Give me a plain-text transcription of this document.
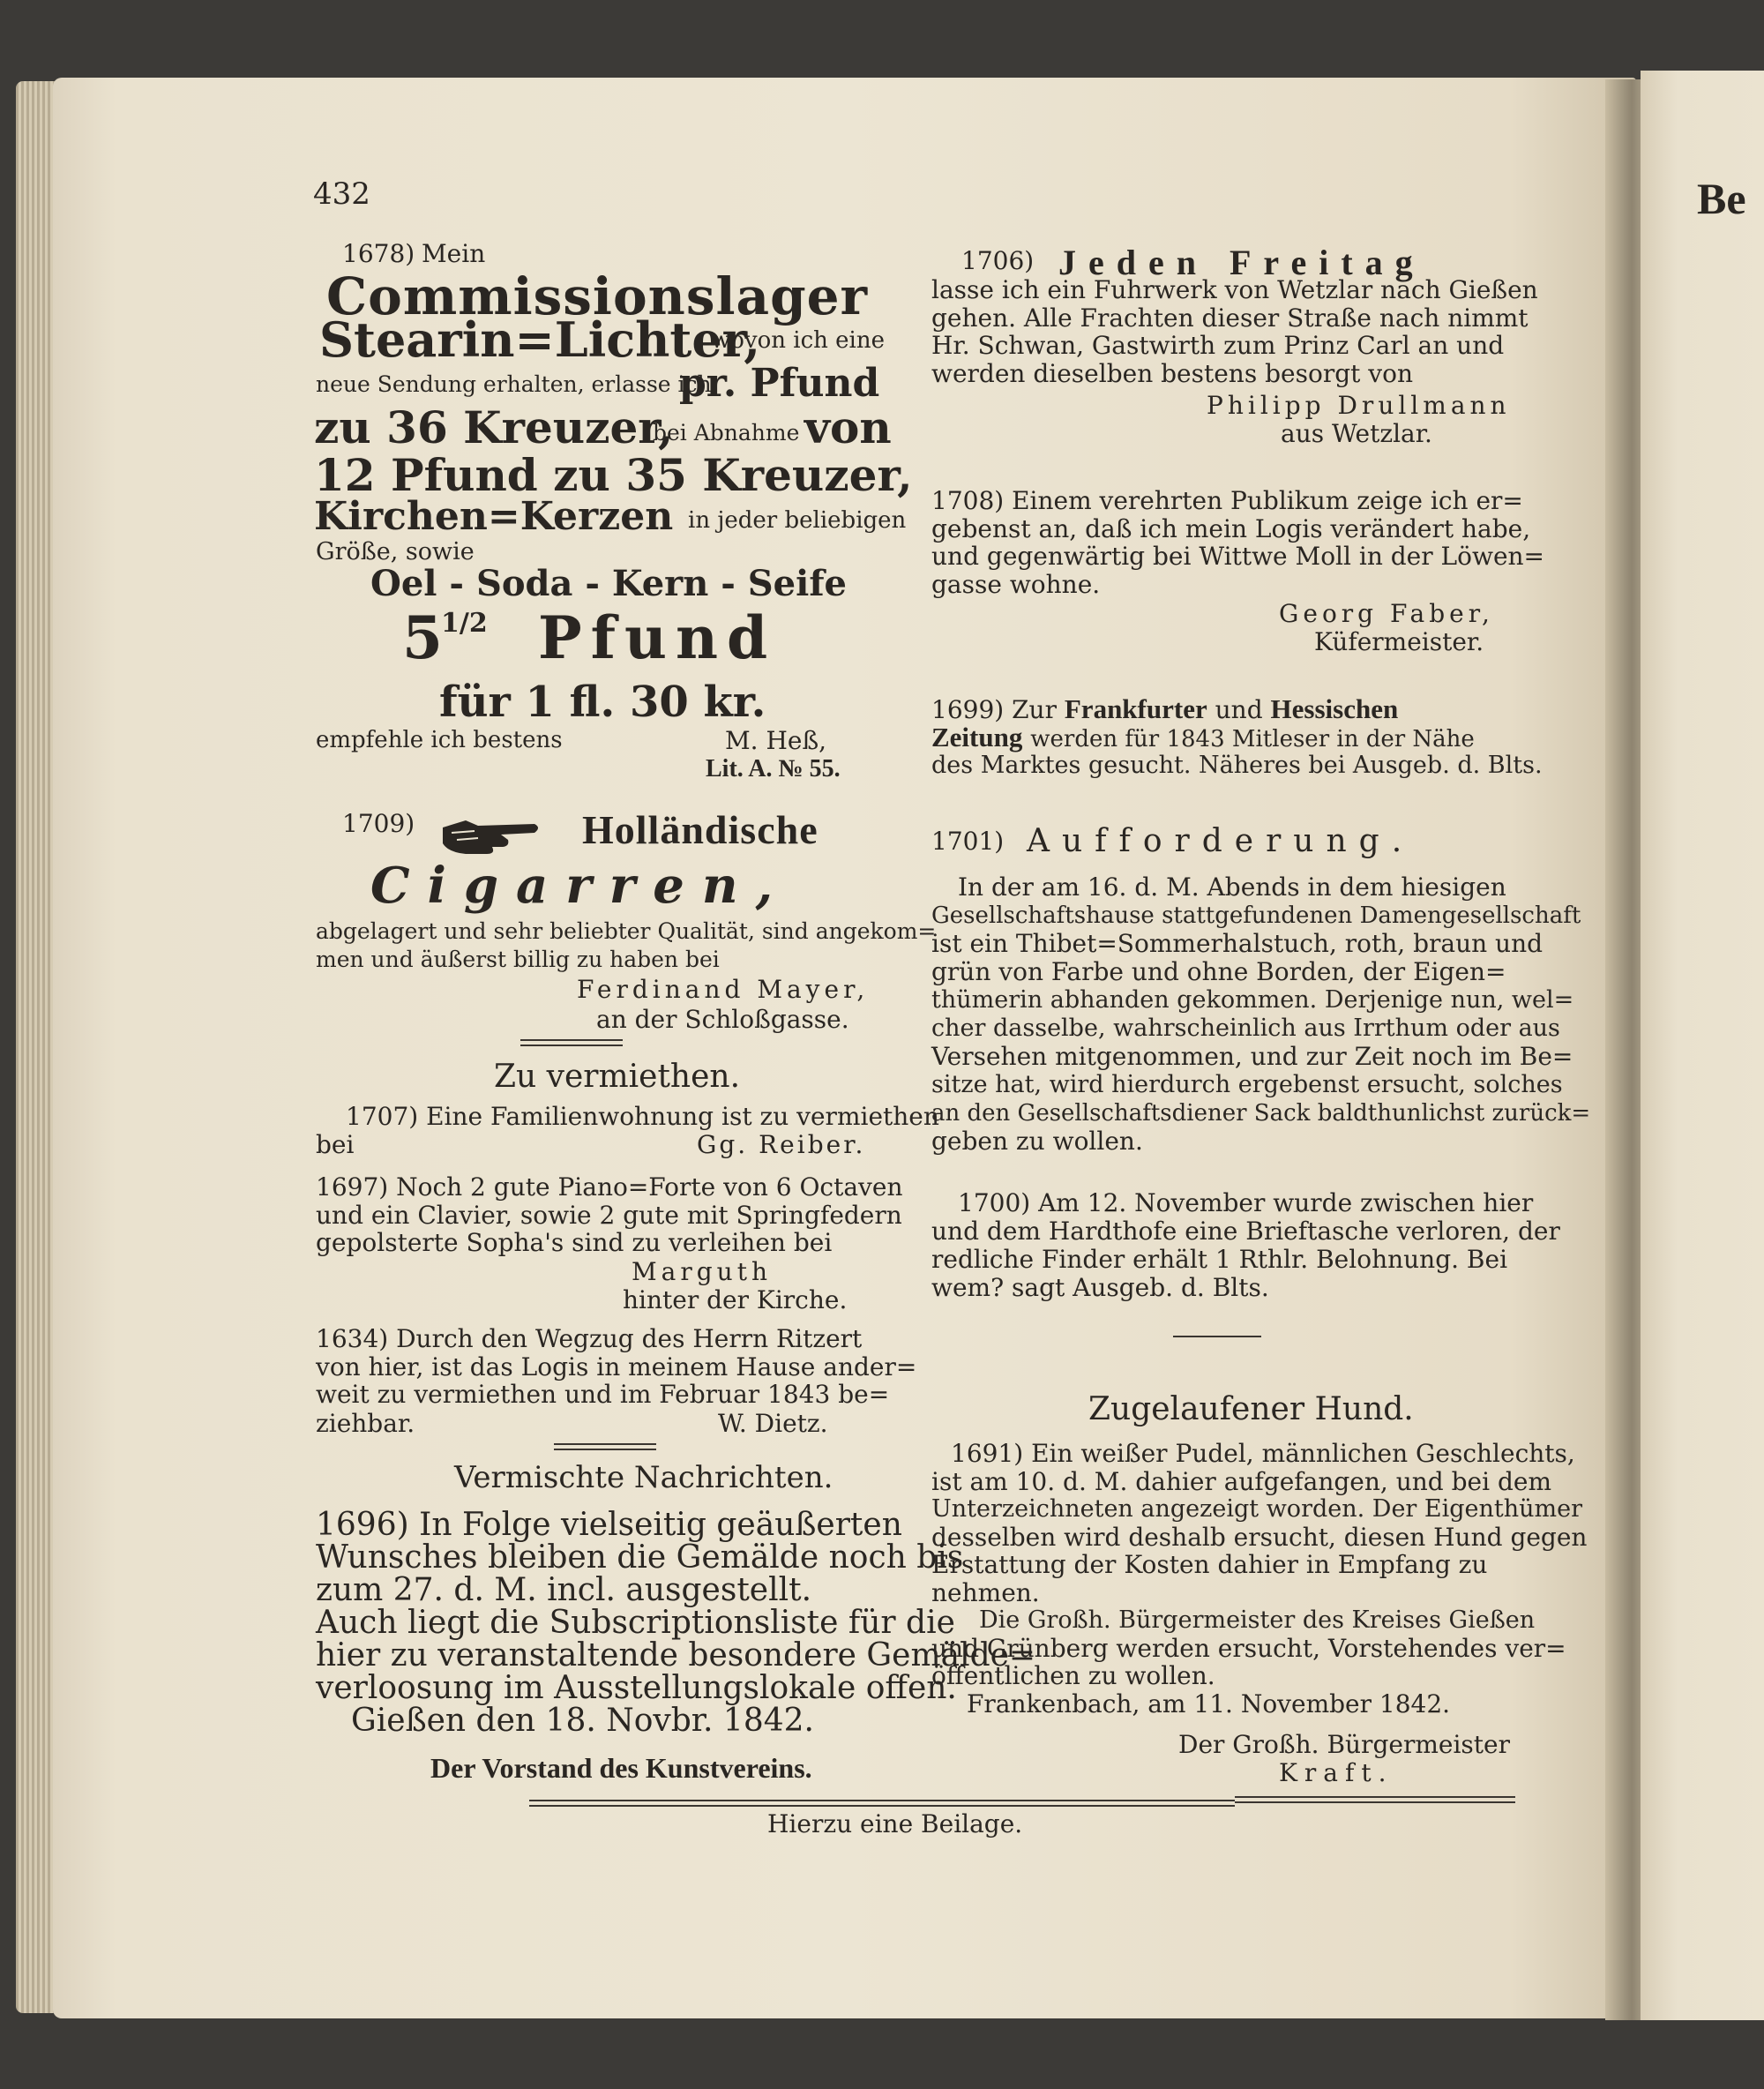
432
1678) Mein
Commissionslager
Stearin=Lichter,
wovon ich eine
neue Sendung erhalten, erlasse ich
pr. Pfund
zu 36 Kreuzer,
bei Abnahme von
12 Pfund zu 35 Kreuzer,
Kirchen=Kerzen in jeder beliebigen
Größe, sowie
Oel - Soda - Kern - Seife
5
1/2 Pfund
für 1 fl. 30 kr.
empfehle ich bestens	M. Heß,
Lit. A. № 55.
1709)	Holländische
Cigarren,
abgelagert und sehr beliebter Qualität, sind angekom=
men und äußerst billig zu haben bei
Ferdinand Mayer,
an der Schloßgasse.
Zu vermiethen.
1707) Eine Familienwohnung ist zu vermiethen
bei	Gg. Reiber.
1697) Noch 2 gute Piano=Forte von 6 Octaven
und ein Clavier, sowie 2 gute mit Springfedern
gepolsterte Sopha's sind zu verleihen bei
Marguth
hinter der Kirche.
1634) Durch den Wegzug des Herrn Ritzert
von hier, ist das Logis in meinem Hause ander=
weit zu vermiethen und im Februar 1843 be=
ziehbar.	W. Dietz.
Vermischte Nachrichten.
1696) In Folge vielseitig geäußerten
Wunsches bleiben die Gemälde noch bis
zum 27. d. M. incl. ausgestellt.
Auch liegt die Subscriptionsliste für die
hier zu veranstaltende besondere Gemälde=
verloosung im Ausstellungslokale offen.
Gießen den 18. Novbr. 1842.
Der Vorstand des Kunstvereins.
1706) Jeden Freitag
lasse ich ein Fuhrwerk von Wetzlar nach Gießen
gehen. Alle Frachten dieser Straße nach nimmt
Hr. Schwan, Gastwirth zum Prinz Carl an und
werden dieselben bestens besorgt von
Philipp Drullmann
aus Wetzlar.
1708) Einem verehrten Publikum zeige ich er=
gebenst an, daß ich mein Logis verändert habe,
und gegenwärtig bei Wittwe Moll in der Löwen=
gasse wohne.
Georg Faber,
Küfermeister.
1699) Zur Frankfurter und Hessischen
Zeitung werden für 1843 Mitleser in der Nähe
des Marktes gesucht. Näheres bei Ausgeb. d. Blts.
1701) Aufforderung.
In der am 16. d. M. Abends in dem hiesigen
Gesellschaftshause stattgefundenen Damengesellschaft
ist ein Thibet=Sommerhalstuch, roth, braun und
grün von Farbe und ohne Borden, der Eigen=
thümerin abhanden gekommen. Derjenige nun, wel=
cher dasselbe, wahrscheinlich aus Irrthum oder aus
Versehen mitgenommen, und zur Zeit noch im Be=
sitze hat, wird hierdurch ergebenst ersucht, solches
an den Gesellschaftsdiener Sack baldthunlichst zurück=
geben zu wollen.
1700) Am 12. November wurde zwischen hier
und dem Hardthofe eine Brieftasche verloren, der
redliche Finder erhält 1 Rthlr. Belohnung. Bei
wem? sagt Ausgeb. d. Blts.
Zugelaufener Hund.
1691) Ein weißer Pudel, männlichen Geschlechts,
ist am 10. d. M. dahier aufgefangen, und bei dem
Unterzeichneten angezeigt worden. Der Eigenthümer
desselben wird deshalb ersucht, diesen Hund gegen
Erstattung der Kosten dahier in Empfang zu
nehmen.
Die Großh. Bürgermeister des Kreises Gießen
und Grünberg werden ersucht, Vorstehendes ver=
öffentlichen zu wollen.
Frankenbach, am 11. November 1842.
Der Großh. Bürgermeister
Kraft.
Hierzu eine Beilage.
Be
